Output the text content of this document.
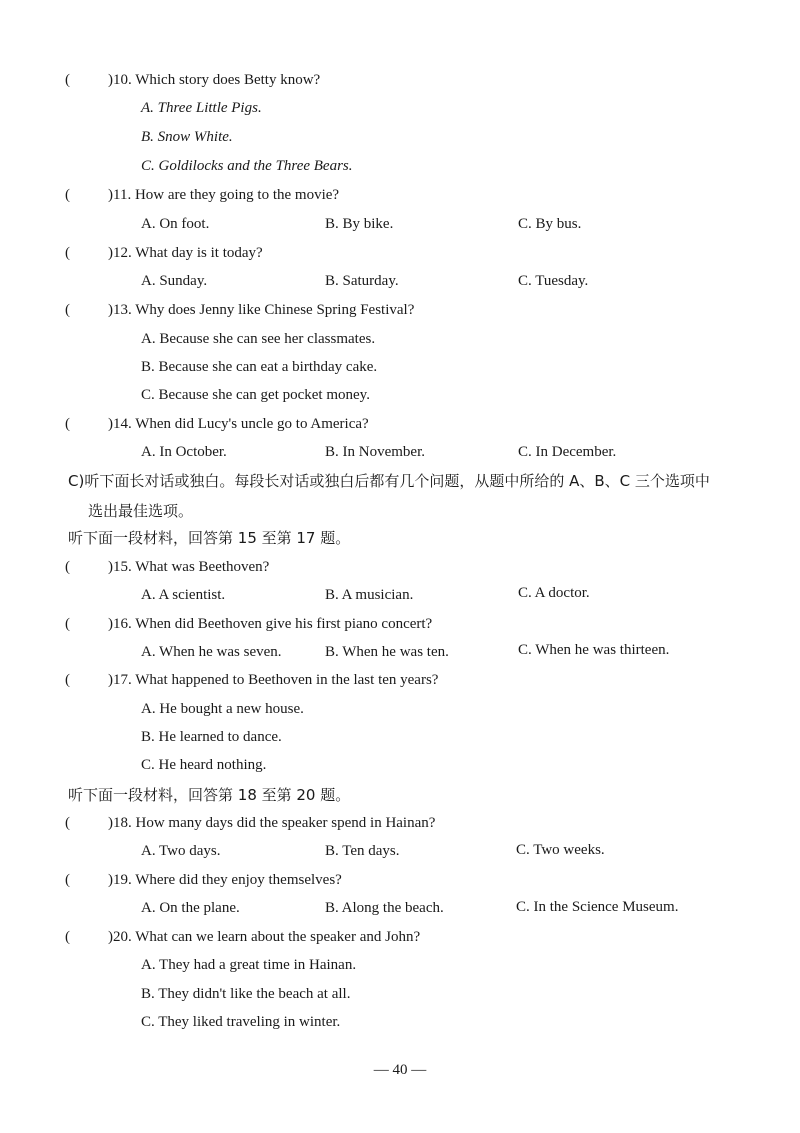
(	)10. Which story does Betty know?
A. Three Little Pigs.
B. Snow White.
C. Goldilocks and the Three Bears.
(	)11. How are they going to the movie?
A. On foot.	B. By bike.	C. By bus.
(	)12. What day is it today?
A. Sunday.	B. Saturday.	C. Tuesday.
(	)13. Why does Jenny like Chinese Spring Festival?
A. Because she can see her classmates.
B. Because she can eat a birthday cake.
C. Because she can get pocket money.
(	)14. When did Lucy's uncle go to America?
A. In October.	B. In November.	C. In December.
C)听下面长对话或独白。每段长对话或独白后都有几个问题，从题中所给的 A、B、C 三个选项中
选出最佳选项。
听下面一段材料，回答第 15 至第 17 题。
(	)15. What was Beethoven?
A. A scientist.	B. A musician.	C. A doctor.
(	)16. When did Beethoven give his first piano concert?
A. When he was seven.	B. When he was ten.	C. When he was thirteen.
(	)17. What happened to Beethoven in the last ten years?
A. He bought a new house.
B. He learned to dance.
C. He heard nothing.
听下面一段材料，回答第 18 至第 20 题。
(	)18. How many days did the speaker spend in Hainan?
A. Two days.	B. Ten days.	C. Two weeks.
(	)19. Where did they enjoy themselves?
A. On the plane.	B. Along the beach.	C. In the Science Museum.
(	)20. What can we learn about the speaker and John?
A. They had a great time in Hainan.
B. They didn't like the beach at all.
C. They liked traveling in winter.
— 40 —
